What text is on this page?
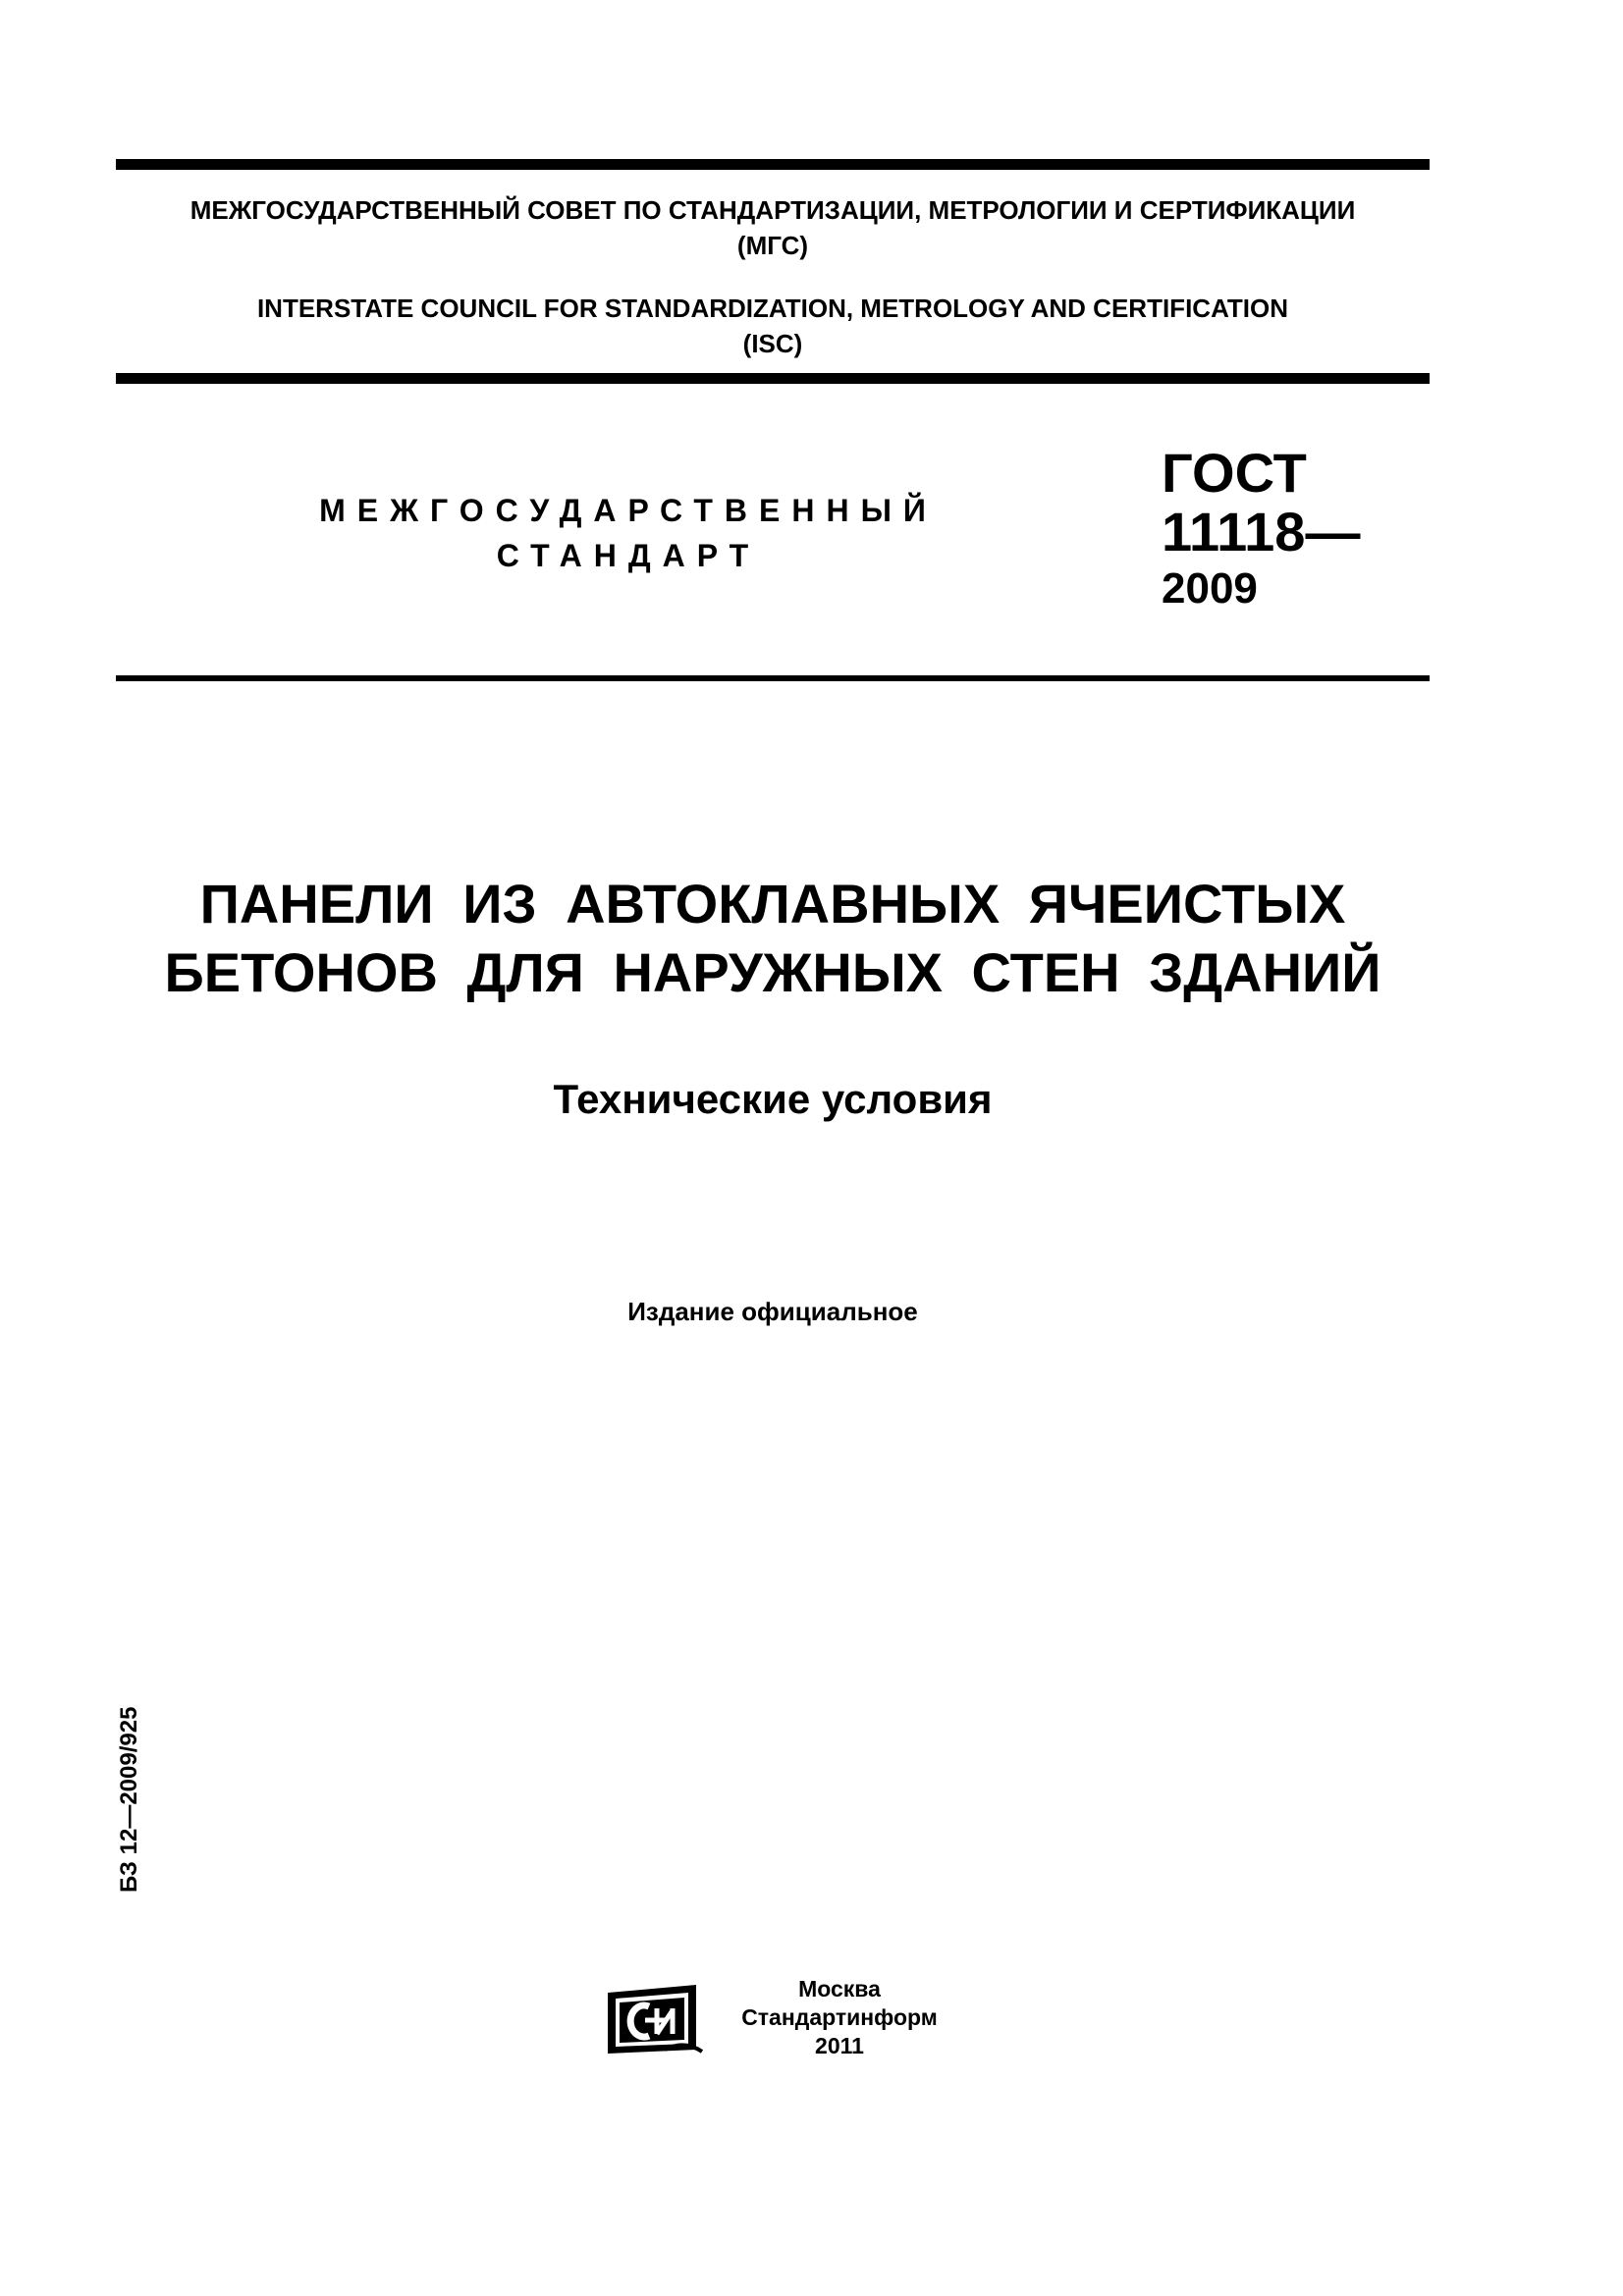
МЕЖГОСУДАРСТВЕННЫЙ СОВЕТ ПО СТАНДАРТИЗАЦИИ, МЕТРОЛОГИИ И СЕРТИФИКАЦИИ
(МГС)
INTERSTATE COUNCIL FOR STANDARDIZATION, METROLOGY AND CERTIFICATION
(ISC)
МЕЖГОСУДАРСТВЕННЫЙ
СТАНДАРТ
ГОСТ
11118—
2009
ПАНЕЛИ ИЗ АВТОКЛАВНЫХ ЯЧЕИСТЫХ
БЕТОНОВ ДЛЯ НАРУЖНЫХ СТЕН ЗДАНИЙ
Технические условия
Издание официальное
БЗ 12—2009/925
Москва
Стандартинформ
2011
